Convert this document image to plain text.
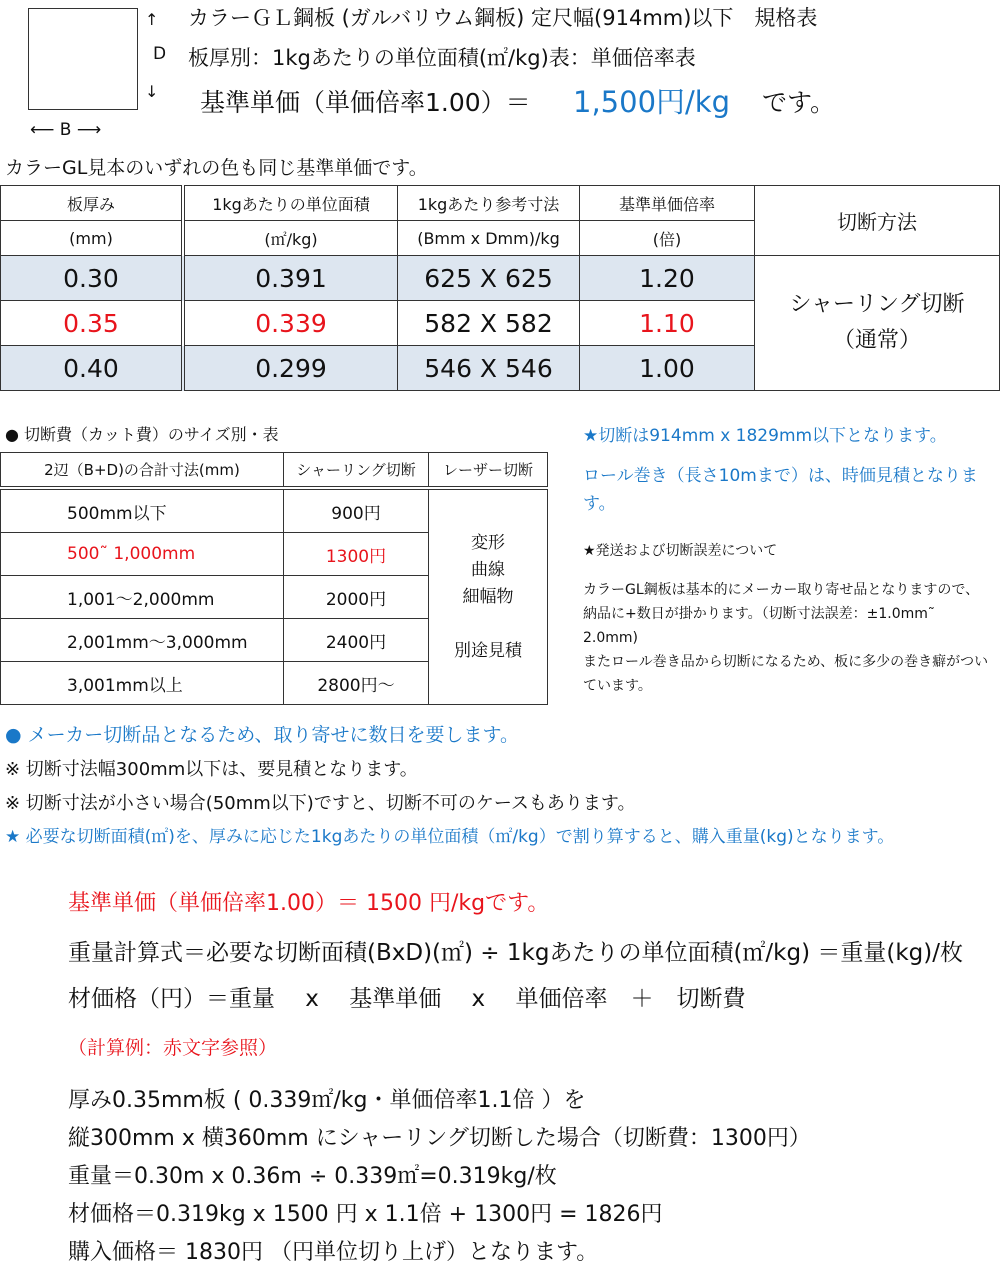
↑
D
↓
⟵ B ⟶
カラーＧＬ鋼板 (ガルバリウム鋼板) 定尺幅(914mm)以下　規格表
板厚別：1kgあたりの単位面積(㎡/kg)表：単価倍率表
基準単価（単価倍率1.00）＝ 1,500円/kg です。
カラーGL見本のいずれの色も同じ基準単価です。
板厚み	1kgあたりの単位面積	1kgあたり参考寸法	基準単価倍率	切断方法
(mm)	(㎡/kg)	(Bmm x Dmm)/kg	(倍)	
0.30	0.391	625 X 625	1.20	シャーリング切断
（通常）

0.35	0.339	582 X 582	1.10	
0.40	0.299	546 X 546	1.00	
● 切断費（カット費）のサイズ別・表
2辺（B+D)の合計寸法(mm)	シャーリング切断	レーザー切断
500mm以下	900円	変形
曲線
細幅物
別途見積

500˜ 1,000mm	1300円	
1,001～2,000mm	2000円	
2,001mm～3,000mm	2400円	
3,001mm以上	2800円～	
★切断は914mm x 1829mm以下となります。
ロール巻き（長さ10mまで）は、時価見積となります。
★発送および切断誤差について
カラーGL鋼板は基本的にメーカー取り寄せ品となりますので、納品に+数日が掛かります。（切断寸法誤差：±1.0mm˜ 2.0mm)
またロール巻き品から切断になるため、板に多少の巻き癖がついています。
● メーカー切断品となるため、取り寄せに数日を要します。
※ 切断寸法幅300mm以下は、要見積となります。
※ 切断寸法が小さい場合(50mm以下)ですと、切断不可のケースもあります。
★ 必要な切断面積(㎡)を、厚みに応じた1kgあたりの単位面積（㎡/kg）で割り算すると、購入重量(kg)となります。
基準単価（単価倍率1.00）＝ 1500 円/kgです。
重量計算式＝必要な切断面積(BxD)(㎡) ÷ 1kgあたりの単位面積(㎡/kg) ＝重量(kg)/枚
材価格（円）＝重量　 x　 基準単価　 x　 単価倍率　＋　切断費
（計算例：赤文字参照）
厚み0.35mm板 ( 0.339㎡/kg・単価倍率1.1倍 ）を
縦300mm x 横360mm にシャーリング切断した場合（切断費：1300円）
重量＝0.30m x 0.36m ÷ 0.339㎡=0.319kg/枚
材価格＝0.319kg x 1500 円 x 1.1倍 + 1300円 = 1826円
購入価格＝ 1830円 （円単位切り上げ）となります。
